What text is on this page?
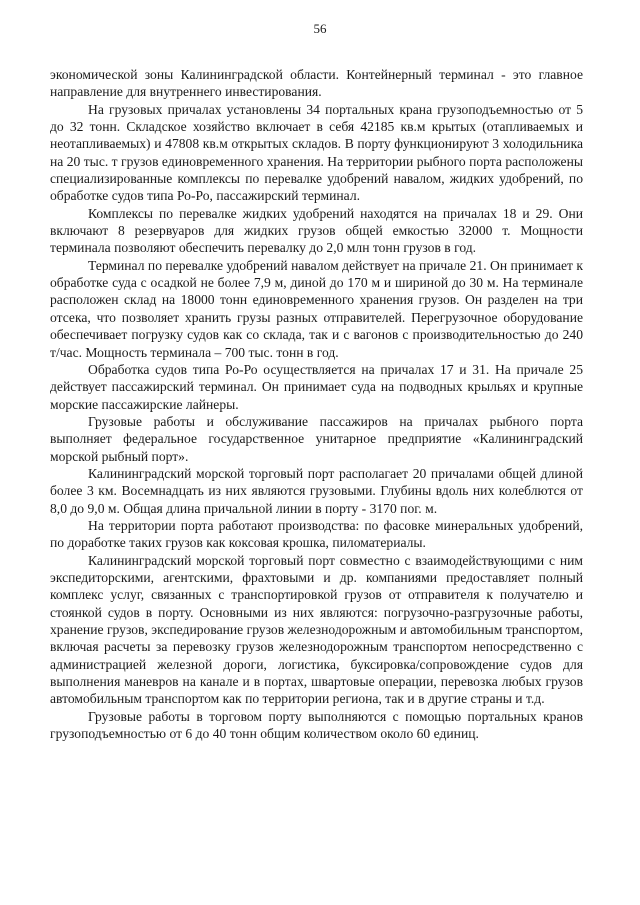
56

экономической зоны Калининградской области. Контейнерный терминал - это главное направление для внутреннего инвестирования.

На грузовых причалах установлены 34 портальных крана грузоподъемностью от 5 до 32 тонн. Складское хозяйство включает в себя 42185 кв.м крытых (отапливаемых и неотапливаемых) и 47808 кв.м открытых складов. В порту функционируют 3 холодильника на 20 тыс. т грузов единовременного хранения. На территории рыбного порта расположены специализированные комплексы по перевалке удобрений навалом, жидких удобрений, по обработке судов типа Ро-Ро, пассажирский терминал.

Комплексы по перевалке жидких удобрений находятся на причалах 18 и 29. Они включают 8 резервуаров для жидких грузов общей емкостью 32000 т. Мощности терминала позволяют обеспечить перевалку до 2,0 млн тонн грузов в год.

Терминал по перевалке удобрений навалом действует на причале 21. Он принимает к обработке суда с осадкой не более 7,9 м, диной до 170 м и шириной до 30 м. На терминале расположен склад на 18000 тонн единовременного хранения грузов. Он разделен на три отсека, что позволяет хранить грузы разных отправителей. Перегрузочное оборудование обеспечивает погрузку судов как со склада, так и с вагонов с производительностью до 240 т/час. Мощность терминала – 700 тыс. тонн в год.

Обработка судов типа Ро-Ро осуществляется на причалах 17 и 31. На причале 25 действует пассажирский терминал. Он принимает суда на подводных крыльях и крупные морские пассажирские лайнеры.

Грузовые работы и обслуживание пассажиров на причалах рыбного порта выполняет федеральное государственное унитарное предприятие «Калининградский морской рыбный порт».

Калининградский морской торговый порт располагает 20 причалами общей длиной более 3 км. Восемнадцать из них являются грузовыми. Глубины вдоль них колеблются от 8,0 до 9,0 м. Общая длина причальной линии в порту - 3170 пог. м.

На территории порта работают производства: по фасовке минеральных удобрений, по доработке таких грузов как коксовая крошка, пиломатериалы.

Калининградский морской торговый порт совместно с взаимодействующими с ним экспедиторскими, агентскими, фрахтовыми и др. компаниями предоставляет полный комплекс услуг, связанных с транспортировкой грузов от отправителя к получателю и стоянкой судов в порту. Основными из них являются: погрузочно-разгрузочные работы, хранение грузов, экспедирование грузов железнодорожным и автомобильным транспортом, включая расчеты за перевозку грузов железнодорожным транспортом непосредственно с администрацией железной дороги, логистика, буксировка/сопровождение судов для выполнения маневров на канале и в портах, швартовые операции, перевозка любых грузов автомобильным транспортом как по территории региона, так и в другие страны и т.д.

Грузовые работы в торговом порту выполняются с помощью портальных кранов грузоподъемностью от 6 до 40 тонн общим количеством около 60 единиц.
